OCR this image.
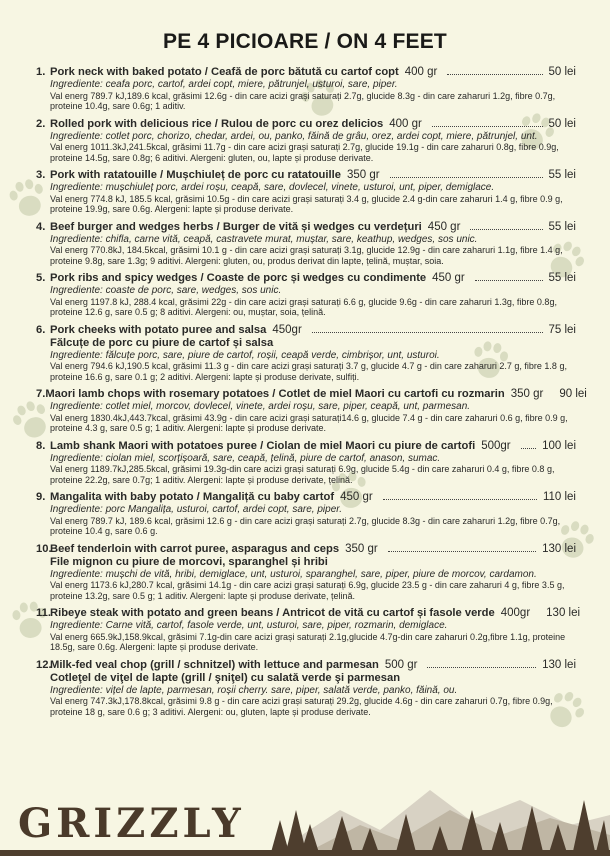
PE 4 PICIOARE / ON 4 FEET
1. Pork neck with baked potato / Ceafă de porc bătută cu cartof copt 400 gr	50 lei
Ingrediente: ceafa porc, cartof, ardei copt, miere, pătrunjel, usturoi, sare, piper.
Val energ 789.7 kJ,189.6 kcal, grăsimi 12.6g - din care acizi grași saturați 2.7g, glucide 8.3g - din care zaharuri 1.2g, fibre 0.7g, proteine 10.4g, sare 0.6g; 1 aditiv.
2. Rolled pork with delicious rice / Rulou de porc cu orez delicios 400 gr	50 lei
Ingrediente: cotlet porc, chorizo, chedar, ardei, ou, panko, făină de grâu, orez, ardei copt, miere, pătrunjel, unt.
Val energ 1011.3kJ,241.5kcal, grăsimi 11.7g - din care acizi grași saturați 2.7g, glucide 19.1g - din care zaharuri 0.8g, fibre 0.9g, proteine 14.5g, sare 0.8g; 6 aditivi. Alergeni: gluten, ou, lapte și produse derivate.
3. Pork with ratatouille / Mușchiuleț de porc cu ratatouille 350 gr	55 lei
Ingrediente: mușchiuleț porc, ardei roșu, ceapă, sare, dovlecel, vinete, usturoi, unt, piper, demiglace.
Val energ 774.8 kJ, 185.5 kcal, grăsimi 10.5g - din care acizi grași saturați 3.4 g, glucide 2.4 g-din care zaharuri 1.4 g, fibre 0.9 g, proteine 19.9g, sare 0.6g. Alergeni: lapte și produse derivate.
4. Beef burger and wedges herbs / Burger de vită și wedges cu verdețuri 450 gr	55 lei
Ingrediente: chifla, carne vită, ceapă, castravete murat, muștar, sare, keathup, wedges, sos unic.
Val energ 770.8kJ, 184.5kcal, grăsimi 10.1 g - din care acizi grași saturați 3.1g, glucide 12.9g - din care zaharuri 1.1g, fibre 1.4 g, proteine 9.8g, sare 1.3g; 9 aditivi. Alergeni: gluten, ou, produs derivat din lapte, țelină, muștar, soia.
5. Pork ribs and spicy wedges / Coaste de porc și wedges cu condimente 450 gr	55 lei
Ingrediente: coaste de porc, sare, wedges, sos unic.
Val energ 1197.8 kJ, 288.4 kcal, grăsimi 22g - din care acizi grași saturați 6.6 g, glucide 9.6g - din care zaharuri 1.3g, fibre 0.8g, proteine 12.6 g, sare 0.5 g; 8 aditivi. Alergeni: ou, muștar, soia, țelină.
6. Pork cheeks with potato puree and salsa 450gr	75 lei
Fălcuțe de porc cu piure de cartof și salsa
Ingrediente: fălcuțe porc, sare, piure de cartof, roșii, ceapă verde, cimbrișor, unt, usturoi.
Val energ 794.6 kJ,190.5 kcal, grăsimi 11.3 g - din care acizi grași saturați 3.7 g, glucide 4.7 g - din care zaharuri 2.7 g, fibre 1.8 g, proteine 16.6 g, sare 0.1 g; 2 aditivi. Alergeni: lapte și produse derivate, sulfiți.
7. Maori lamb chops with rosemary potatoes / Cotlet de miel Maori cu cartofi cu rozmarin 350 gr 90 lei
Ingrediente: cotlet miel, morcov, dovlecel, vinete, ardei roșu, sare, piper, ceapă, unt, parmesan.
Val energ 1830.4kJ,443.7kcal, grăsimi 43.9g - din care acizi grași saturați14.6 g, glucide 7.4 g - din care zaharuri 0.6 g, fibre 0.9 g, proteine 4.3 g, sare 0.5 g; 1 aditiv. Alergeni: lapte și produse derivate.
8. Lamb shank Maori with potatoes puree / Ciolan de miel Maori cu piure de cartofi 500gr	100 lei
Ingrediente: ciolan miel, scorțișoară, sare, ceapă, țelină, piure de cartof, anason, sumac.
Val energ 1189.7kJ,285.5kcal, grăsimi 19.3g-din care acizi grași saturați 6.9g, glucide 5.4g - din care zaharuri 0.4 g, fibre 0.8 g, proteine 22.2g, sare 0.7g; 1 aditiv. Alergeni: lapte și produse derivate, țelină.
9. Mangalita with baby potato / Mangaliță cu baby cartof 450 gr	110 lei
Ingrediente: porc Mangalița, usturoi, cartof, ardei copt, sare, piper.
Val energ 789.7 kJ, 189.6 kcal, grăsimi 12.6 g - din care acizi grași saturați 2.7g, glucide 8.3g - din care zaharuri 1.2g, fibre 0.7g, proteine 10.4 g, sare 0.6 g.
10.
Beef tenderloin with carrot puree, asparagus and ceps 350 gr	130 lei
File mignon cu piure de morcovi, sparanghel și hribi
Ingrediente: mușchi de vită, hribi, demiglace, unt, usturoi, sparanghel, sare, piper, piure de morcov, cardamon.
Val energ 1173.6 kJ,280.7 kcal, grăsimi 14.1g - din care acizi grași saturați 6.9g, glucide 23.5 g - din care zaharuri 4 g, fibre 3.5 g, proteine 13.2g, sare 0.5 g; 1 aditiv. Alergeni: lapte și produse derivate, țelină.
11. Ribeye steak with potato and green beans / Antricot de vită cu cartof și fasole verde 400gr 130 lei
Ingrediente: Carne vită, cartof, fasole verde, unt, usturoi, sare, piper, rozmarin, demiglace.
Val energ 665.9kJ,158.9kcal, grăsimi 7.1g-din care acizi grași saturați 2.1g,glucide 4.7g-din care zaharuri 0.2g,fibre 1.1g, proteine 18.5g, sare 0.6g. Alergeni: lapte și produse derivate.
12.
Milk-fed veal chop (grill / schnitzel) with lettuce and parmesan 500 gr	130 lei
Cotleţel de viţel de lapte (grill / şniţel) cu salată verde şi parmesan
Ingrediente: vițel de lapte, parmesan, roșii cherry. sare, piper, salată verde, panko, făină, ou.
Val energ 747.3kJ,178.8kcal, grăsimi 9.8 g - din care acizi grași saturați 29.2g, glucide 4.6g - din care zaharuri 0.7g, fibre 0.9g, proteine 18 g, sare 0.6 g; 3 aditivi. Alergeni: ou, gluten, lapte și produse derivate.
GRIZZLY
